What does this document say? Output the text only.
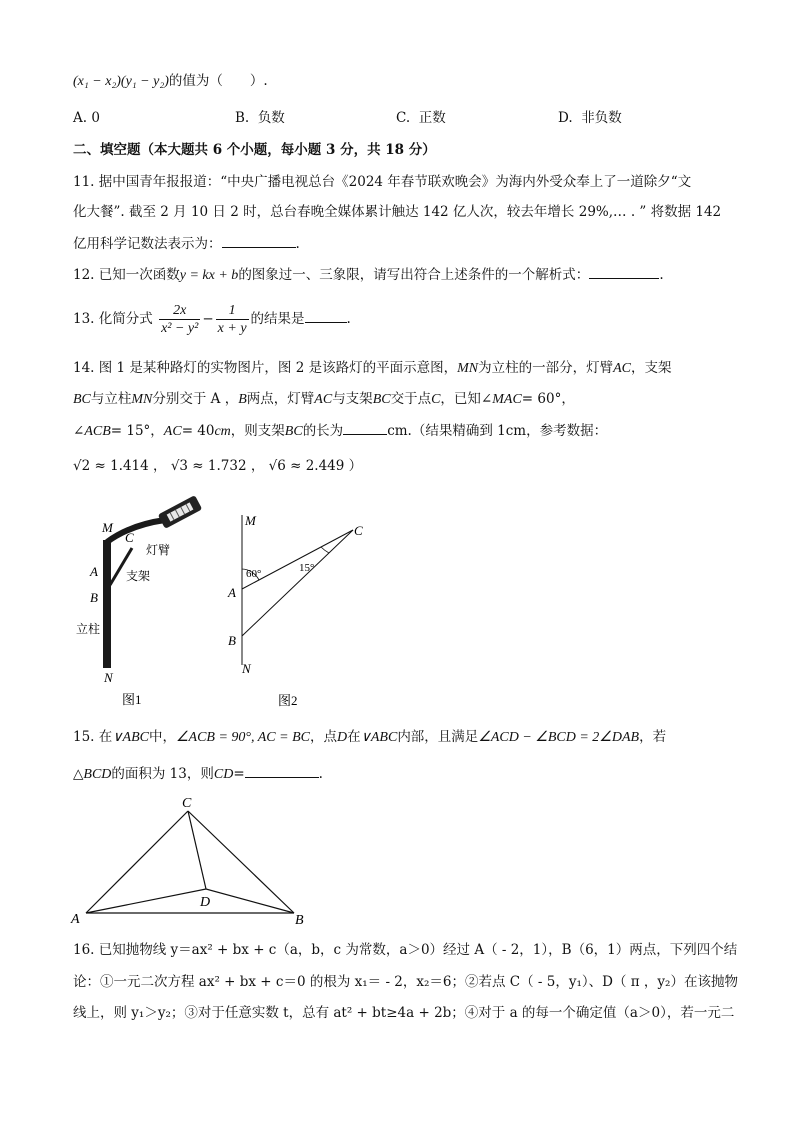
(x₁ − x₂)(y₁ − y₂)的值为（　　）.
A. 0	B. 负数	C. 正数	D. 非负数
二、填空题（本大题共 6 个小题，每小题 3 分，共 18 分）
11. 据中国青年报报道：“中央广播电视总台《2024 年春节联欢晚会》为海内外受众奉上了一道除夕“文
化大餐”. 截至 2 月 10 日 2 时，总台春晚全媒体累计触达 142 亿人次，较去年增长 29%,… . ” 将数据 142
亿用科学记数法表示为：	.
12. 已知一次函数y = kx + b的图象过一、三象限，请写出符合上述条件的一个解析式：	.
13. 化简分式 $\frac{2x}{\text{x² − y²}} - \frac{1}{x + y}$ 的结果是	.
14. 图 1 是某种路灯的实物图片，图 2 是该路灯的平面示意图，MN为立柱的一部分，灯臂AC，支架
BC与立柱MN分别交于 A ，B两点，灯臂AC与支架BC交于点C，已知∠MAC= 60°，
∠ACB= 15°，AC= 40cm，则支架BC的长为	cm.（结果精确到 1cm，参考数据：
√2 ≈ 1.414 ， √3 ≈ 1.732 ， √6 ≈ 2.449 ）
M
C
A
B
N
灯臂
支架
立柱
图1
M
C
A
B
N
60°	15°
图2
15. 在∨ABC中，∠ACB = 90°, AC = BC，点D在∨ABC内部，且满足∠ACD − ∠BCD = 2∠DAB，若
△BCD的面积为 13，则CD=	.
C
A	B
D
16. 已知抛物线 y＝ax² + bx + c（a，b，c 为常数，a＞0）经过 A（ - 2，1），B（6，1）两点，下列四个结
论：①一元二次方程 ax² + bx + c＝0 的根为 x₁＝ - 2，x₂＝6；②若点 C（ - 5，y₁）、D（ π ，y₂）在该抛物
线上，则 y₁＞y₂；③对于任意实数 t，总有 at² + bt≥4a + 2b；④对于 a 的每一个确定值（a＞0），若一元二
